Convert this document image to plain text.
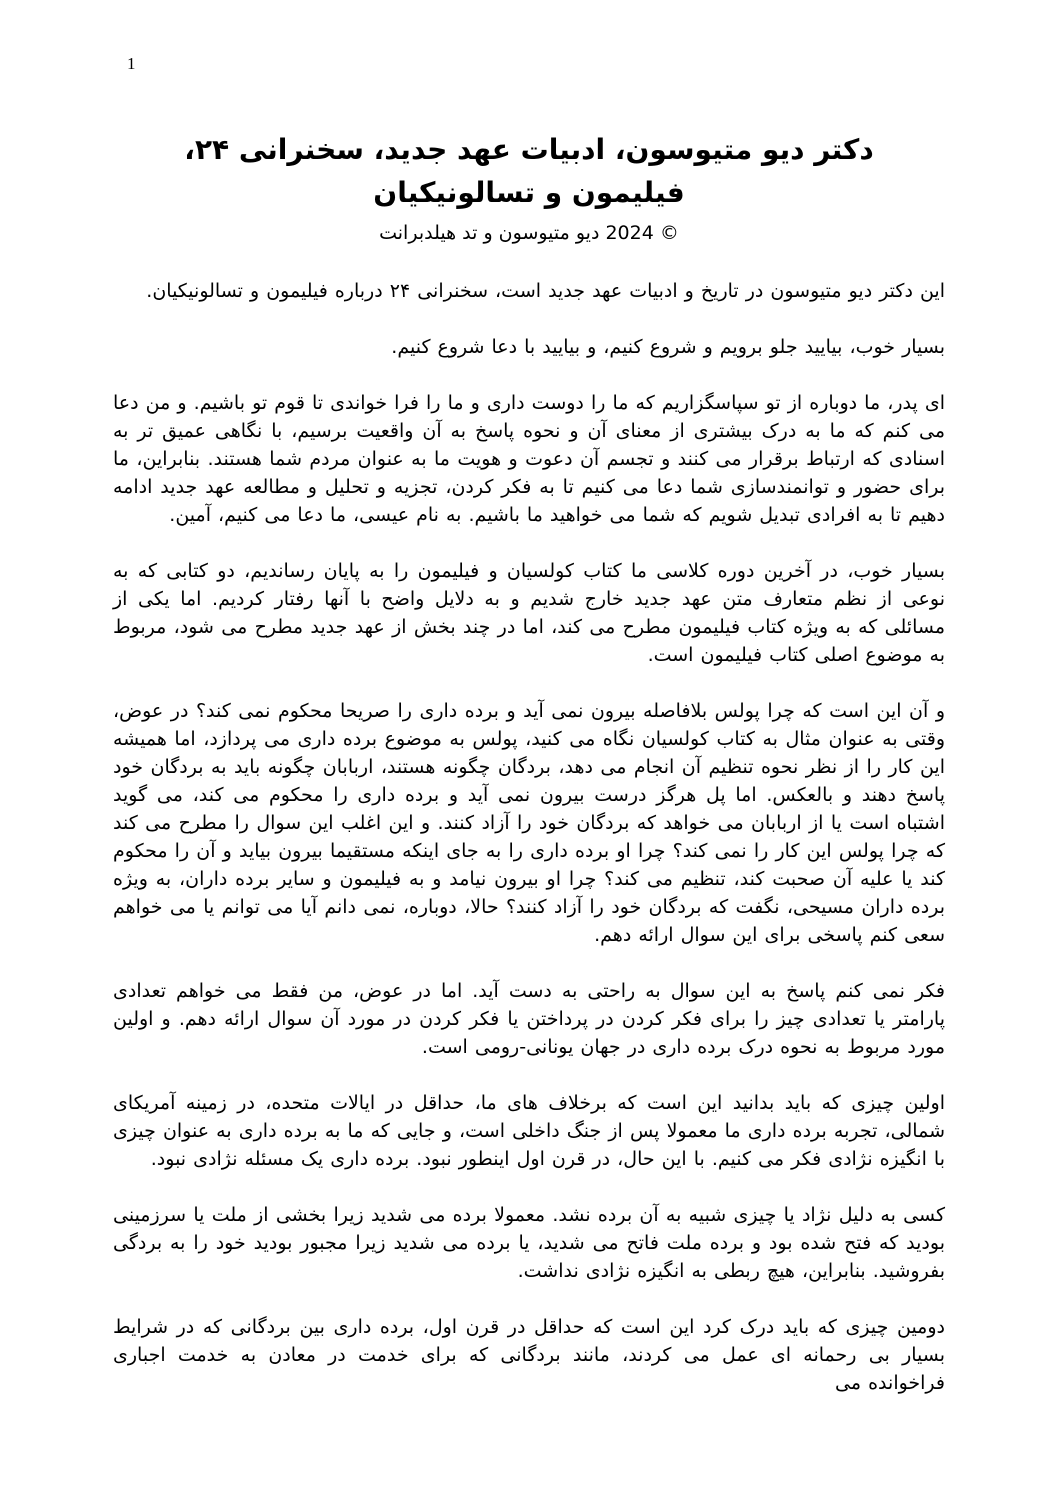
1
دکتر دیو متیوسون، ادبیات عهد جدید، سخنرانی ۲۴، فیلیمون و تسالونیکیان
© 2024 دیو متیوسون و تد هیلدبرانت

این دکتر دیو متیوسون در تاریخ و ادبیات عهد جدید است، سخنرانی ۲۴ درباره فیلیمون و تسالونیکیان.

بسیار خوب، بیایید جلو برویم و شروع کنیم، و بیایید با دعا شروع کنیم.

ای پدر، ما دوباره از تو سپاسگزاریم که ما را دوست داری و ما را فرا خواندی تا قوم تو باشیم. و من دعا می کنم که ما به درک بیشتری از معنای آن و نحوه پاسخ به آن واقعیت برسیم، با نگاهی عمیق تر به اسنادی که ارتباط برقرار می کنند و تجسم آن دعوت و هویت ما به عنوان مردم شما هستند. بنابراین، ما برای حضور و توانمندسازی شما دعا می کنیم تا به فکر کردن، تجزیه و تحلیل و مطالعه عهد جدید ادامه دهیم تا به افرادی تبدیل شویم که شما می خواهید ما باشیم. به نام عیسی، ما دعا می کنیم، آمین.

بسیار خوب، در آخرین دوره کلاسی ما کتاب کولسیان و فیلیمون را به پایان رساندیم، دو کتابی که به نوعی از نظم متعارف متن عهد جدید خارج شدیم و به دلایل واضح با آنها رفتار کردیم. اما یکی از مسائلی که به ویژه کتاب فیلیمون مطرح می کند، اما در چند بخش از عهد جدید مطرح می شود، مربوط به موضوع اصلی کتاب فیلیمون است.

و آن این است که چرا پولس بلافاصله بیرون نمی آید و برده داری را صریحا محکوم نمی کند؟ در عوض، وقتی به عنوان مثال به کتاب کولسیان نگاه می کنید، پولس به موضوع برده داری می پردازد، اما همیشه این کار را از نظر نحوه تنظیم آن انجام می دهد، بردگان چگونه هستند، اربابان چگونه باید به بردگان خود پاسخ دهند و بالعکس. اما پل هرگز درست بیرون نمی آید و برده داری را محکوم می کند، می گوید اشتباه است یا از اربابان می خواهد که بردگان خود را آزاد کنند. و این اغلب این سوال را مطرح می کند که چرا پولس این کار را نمی کند؟ چرا او برده داری را به جای اینکه مستقیما بیرون بیاید و آن را محکوم کند یا علیه آن صحبت کند، تنظیم می کند؟ چرا او بیرون نیامد و به فیلیمون و سایر برده داران، به ویژه برده داران مسیحی، نگفت که بردگان خود را آزاد کنند؟ حالا، دوباره، نمی دانم آیا می توانم یا می خواهم سعی کنم پاسخی برای این سوال ارائه دهم.

فکر نمی کنم پاسخ به این سوال به راحتی به دست آید. اما در عوض، من فقط می خواهم تعدادی پارامتر یا تعدادی چیز را برای فکر کردن در پرداختن یا فکر کردن در مورد آن سوال ارائه دهم. و اولین مورد مربوط به نحوه درک برده داری در جهان یونانی-رومی است.

اولین چیزی که باید بدانید این است که برخلاف های ما، حداقل در ایالات متحده، در زمینه آمریکای شمالی، تجربه برده داری ما معمولا پس از جنگ داخلی است، و جایی که ما به برده داری به عنوان چیزی با انگیزه نژادی فکر می کنیم. با این حال، در قرن اول اینطور نبود. برده داری یک مسئله نژادی نبود.

کسی به دلیل نژاد یا چیزی شبیه به آن برده نشد. معمولا برده می شدید زیرا بخشی از ملت یا سرزمینی بودید که فتح شده بود و برده ملت فاتح می شدید، یا برده می شدید زیرا مجبور بودید خود را به بردگی بفروشید. بنابراین، هیچ ربطی به انگیزه نژادی نداشت.

دومین چیزی که باید درک کرد این است که حداقل در قرن اول، برده داری بین بردگانی که در شرایط بسیار بی رحمانه ای عمل می کردند، مانند بردگانی که برای خدمت در معادن به خدمت اجباری فراخوانده می
